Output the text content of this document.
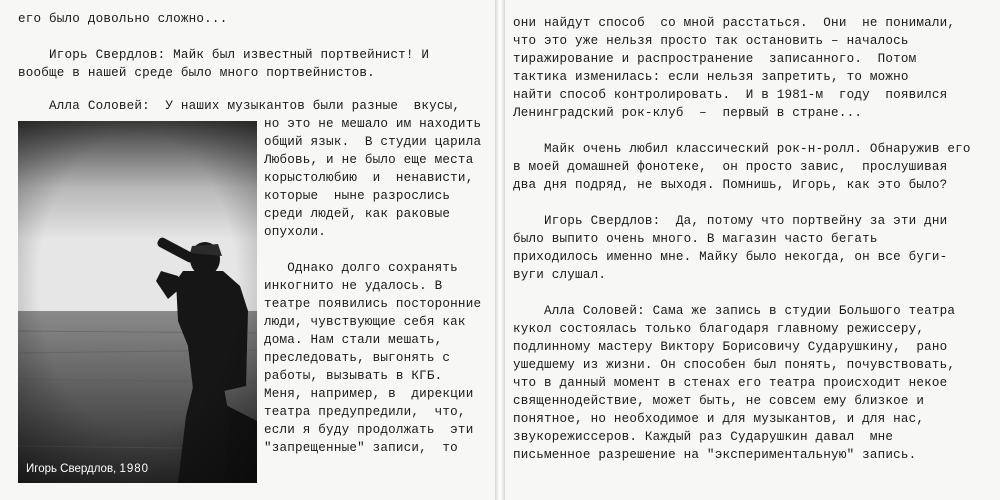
его было довольно сложно...
Игорь Свердлов: Майк был известный портвейнист! И
вообще в нашей среде было много портвейнистов.
Алла Соловей:  У наших музыкантов были разные  вкусы,
Игорь Свердлов, 1980
но это не мешало им находить
общий язык.  В студии царила
Любовь, и не было еще места
корыстолюбию  и  ненависти,
которые  ныне разрослись
среди людей, как раковые
опухоли.
Однако долго сохранять
инкогнито не удалось. В
театре появились посторонние
люди, чувствующие себя как
дома. Нам стали мешать,
преследовать, выгонять с
работы, вызывать в КГБ.
Меня, например, в  дирекции
театра предупредили,  что,
если я буду продолжать  эти
"запрещенные" записи,  то
они найдут способ  со мной расстаться.  Они  не понимали,
что это уже нельзя просто так остановить – началось
тиражирование и распространение  записанного.  Потом
тактика изменилась: если нельзя запретить, то можно
найти способ контролировать.  И в 1981-м  году  появился
Ленинградский рок-клуб  –  первый в стране...
Майк очень любил классический рок-н-ролл. Обнаружив его
в моей домашней фонотеке,  он просто завис,  прослушивая
два дня подряд, не выходя. Помнишь, Игорь, как это было?
Игорь Свердлов:  Да, потому что портвейну за эти дни
было выпито очень много. В магазин часто бегать
приходилось именно мне. Майку было некогда, он все буги-
вуги слушал.
Алла Соловей: Сама же запись в студии Большого театра
кукол состоялась только благодаря главному режиссеру,
подлинному мастеру Виктору Борисовичу Сударушкину,  рано
ушедшему из жизни. Он способен был понять, почувствовать,
что в данный момент в стенах его театра происходит некое
священнодействие, может быть, не совсем ему близкое и
понятное, но необходимое и для музыкантов, и для нас,
звукорежиссеров. Каждый раз Сударушкин давал  мне
письменное разрешение на "экспериментальную" запись.
